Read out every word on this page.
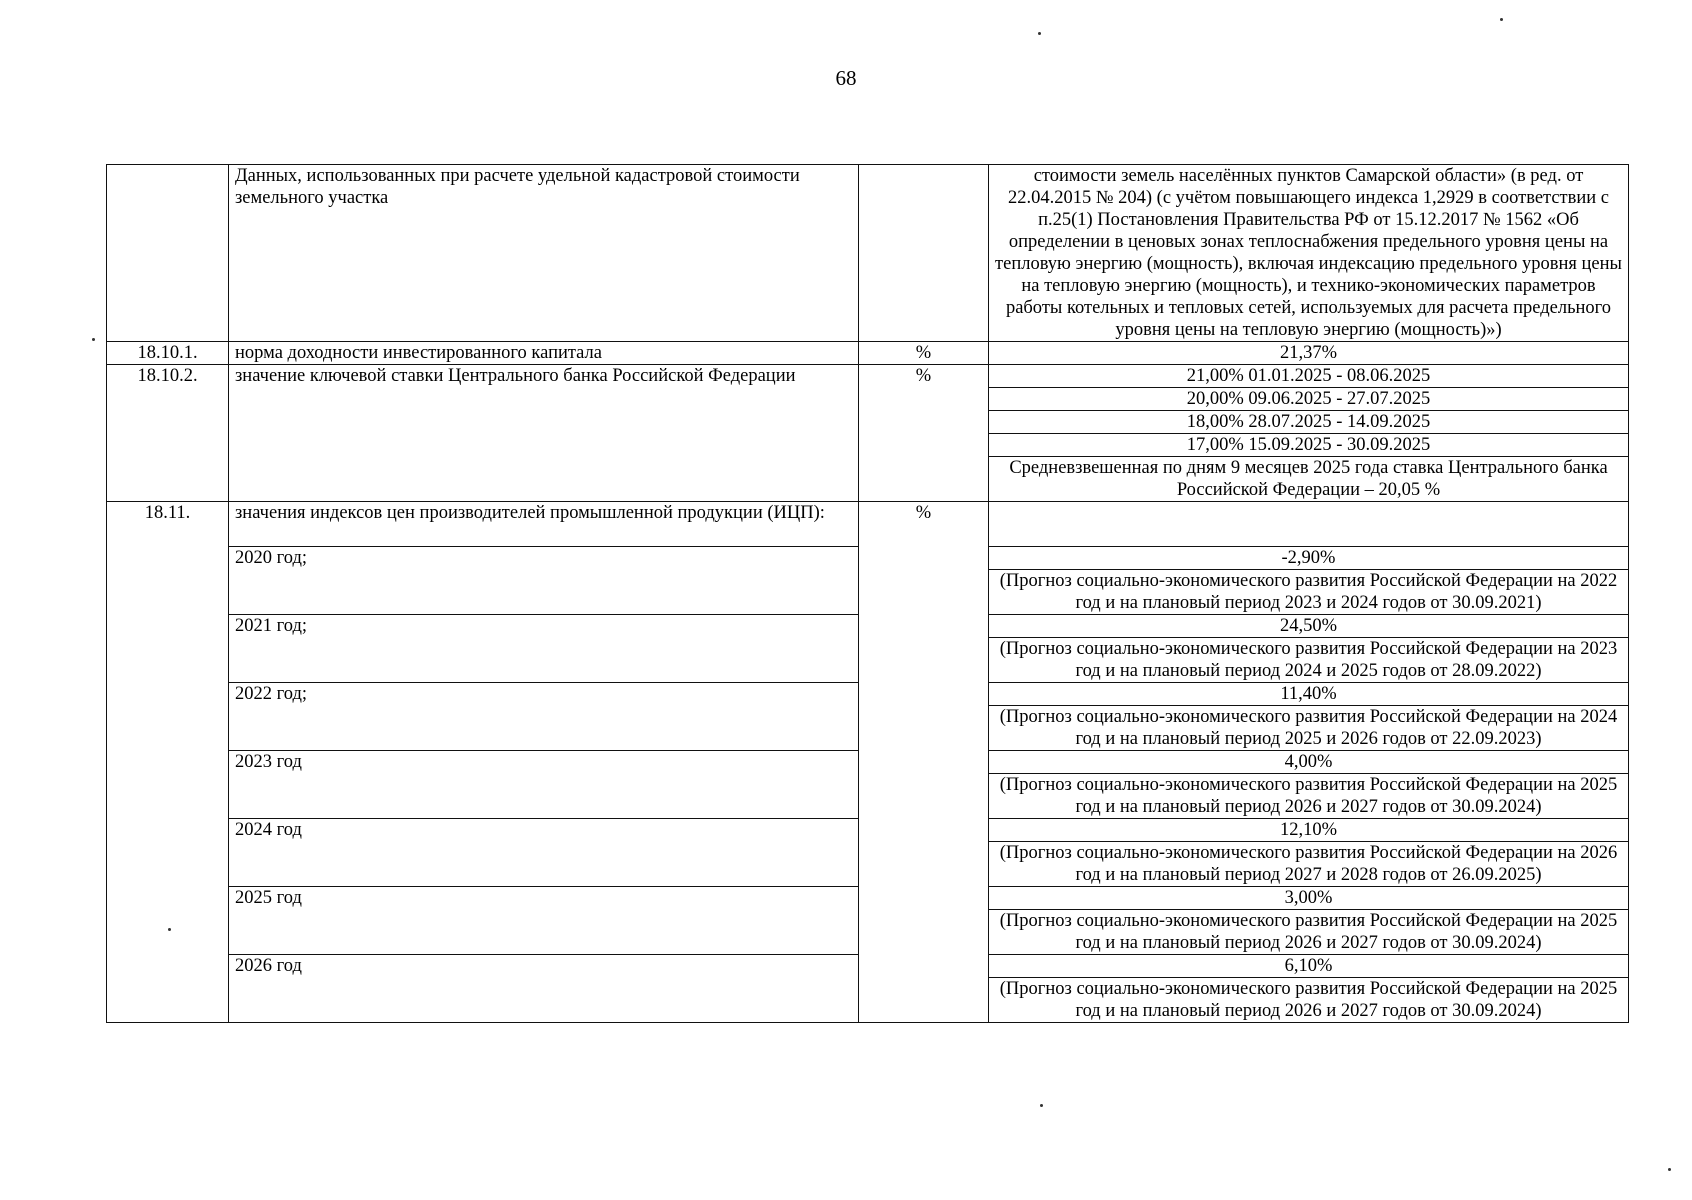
68
	Данных, использованных при расчете удельной кадастровой стоимости земельного участка		стоимости земель населённых пунктов Самарской области» (в ред. от 22.04.2015 № 204) (с учётом повышающего индекса 1,2929 в соответствии с п.25(1) Постановления Правительства РФ от 15.12.2017 № 1562 «Об определении в ценовых зонах теплоснабжения предельного уровня цены на тепловую энергию (мощность), включая индексацию предельного уровня цены на тепловую энергию (мощность), и технико-экономических параметров работы котельных и тепловых сетей, используемых для расчета предельного уровня цены на тепловую энергию (мощность)»)
18.10.1.	норма доходности инвестированного капитала	%	21,37%
18.10.2.	значение ключевой ставки Центрального банка Российской Федерации	%	21,00% 01.01.2025 - 08.06.2025
			20,00% 09.06.2025 - 27.07.2025
			18,00% 28.07.2025 - 14.09.2025
			17,00% 15.09.2025 - 30.09.2025
			Средневзвешенная по дням 9 месяцев 2025 года ставка Центрального банка Российской Федерации – 20,05 %
18.11.	значения индексов цен производителей промышленной продукции (ИЦП):	%	
	2020 год;		-2,90%
			(Прогноз социально-экономического развития Российской Федерации на 2022 год и на плановый период 2023 и 2024 годов от 30.09.2021)
	2021 год;		24,50%
			(Прогноз социально-экономического развития Российской Федерации на 2023 год и на плановый период 2024 и 2025 годов от 28.09.2022)
	2022 год;		11,40%
			(Прогноз социально-экономического развития Российской Федерации на 2024 год и на плановый период 2025 и 2026 годов от 22.09.2023)
	2023 год		4,00%
			(Прогноз социально-экономического развития Российской Федерации на 2025 год и на плановый период 2026 и 2027 годов от 30.09.2024)
	2024 год		12,10%
			(Прогноз социально-экономического развития Российской Федерации на 2026 год и на плановый период 2027 и 2028 годов от 26.09.2025)
	2025 год		3,00%
			(Прогноз социально-экономического развития Российской Федерации на 2025 год и на плановый период 2026 и 2027 годов от 30.09.2024)
	2026 год		6,10%
			(Прогноз социально-экономического развития Российской Федерации на 2025 год и на плановый период 2026 и 2027 годов от 30.09.2024)
